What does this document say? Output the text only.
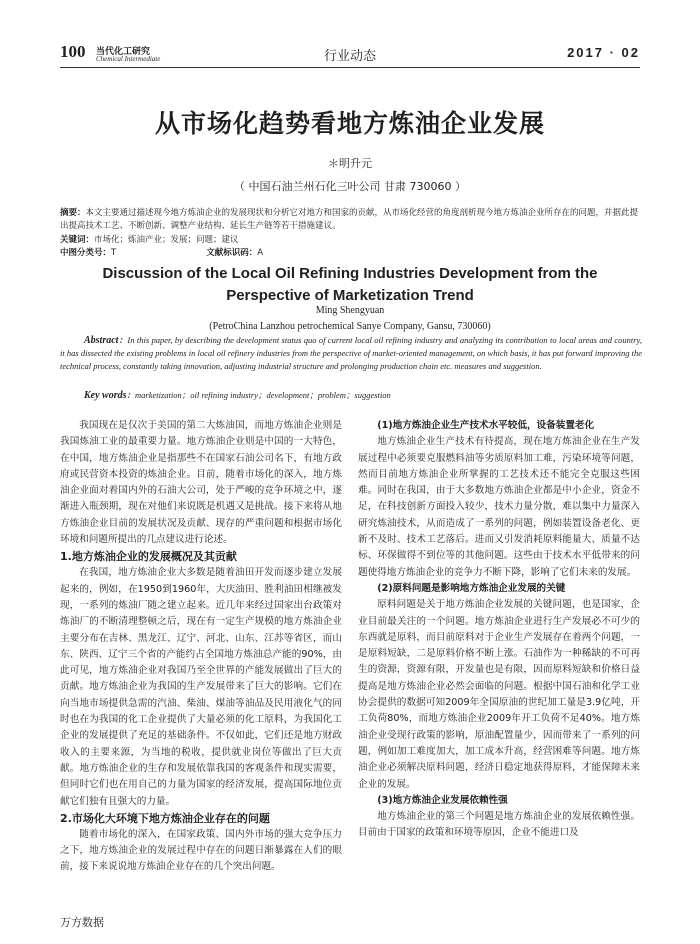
100 当代化工研究
Chemical Intermediate	行业动态	2017 · 02
从市场化趋势看地方炼油企业发展
＊明升元
（ 中国石油兰州石化三叶公司 甘肃 730060 ）
摘要：本文主要通过描述现今地方炼油企业的发展现状和分析它对地方和国家的贡献，从市场化经营的角度剖析现今地方炼油企业所存在的问题，并据此提出提高技术工艺、不断创新、调整产业结构、延长生产链等若干措施建议。
关键词：市场化；炼油产业；发展；问题；建议
中图分类号：T	文献标识码：A
Discussion of the Local Oil Refining Industries Development from the Perspective of Marketization Trend
Ming Shengyuan
(PetroChina Lanzhou petrochemical Sanye Company, Gansu, 730060)
Abstract：In this paper, by describing the development status quo of current local oil refining industry and analyzing its contribution to local areas and country, it has dissected the existing problems in local oil refinery industries from the perspective of market-oriented management, on which basis, it has put forward improving the technical process, constantly taking innovation, adjusting industrial structure and prolonging production chain etc. measures and suggestion.
Key words：marketization；oil refining industry；development；problem；suggestion

我国现在是仅次于美国的第二大炼油国，而地方炼油企业则是我国炼油工业的最重要力量。地方炼油企业则是中国的一大特色，在中国，地方炼油企业是指那些不在国家石油公司名下，有地方政府或民营资本投资的炼油企业。目前，随着市场化的深入，地方炼油企业面对着国内外的石油大公司，处于严峻的竞争环境之中，逐渐进入瓶颈期，现在对他们来说既是机遇又是挑战。接下来将从地方炼油企业目前的发展状况及贡献、现存的严重问题和根据市场化环境和问题所提出的几点建议进行论述。

1.地方炼油企业的发展概况及其贡献

在我国，地方炼油企业大多数是随着油田开发而逐步建立发展起来的，例如，在1950到1960年，大庆油田、胜利油田相继被发现，一系列的炼油厂随之建立起来。近几年来经过国家出台政策对炼油厂的不断清理整顿之后，现在有一定生产规模的地方炼油企业主要分布在吉林、黑龙江、辽宁、河北、山东、江苏等省区，而山东、陕西、辽宁三个省的产能约占全国地方炼油总产能的90%，由此可见，地方炼油企业对我国乃至全世界的产能发展做出了巨大的贡献。地方炼油企业为我国的生产发展带来了巨大的影响。它们在向当地市场提供急需的汽油、柴油、煤油等油品及民用液化气的同时也在为我国的化工企业提供了大量必须的化工原料，为我国化工企业的发展提供了充足的基础条件。不仅如此，它们还是地方财政收入的主要来源，为当地的税收，提供就业岗位等做出了巨大贡献。地方炼油企业的生存和发展依靠我国的客观条件和现实需要，但同时它们也在用自己的力量为国家的经济发展，提高国际地位贡献它们独有且强大的力量。

2.市场化大环境下地方炼油企业存在的问题

随着市场化的深入，在国家政策、国内外市场的强大竞争压力之下，地方炼油企业的发展过程中存在的问题日渐暴露在人们的眼前，接下来说说地方炼油企业存在的几个突出问题。

(1)地方炼油企业生产技术水平较低，设备装置老化

地方炼油企业生产技术有待提高，现在地方炼油企业在生产发展过程中必须要克服燃料油等劣质原料加工难，污染环境等问题，然而目前地方炼油企业所掌握的工艺技术还不能完全克服这些困难。同时在我国，由于大多数地方炼油企业都是中小企业，资金不足，在科技创新方面投入较少，技术力量分散，难以集中力量深入研究炼油技术，从而造成了一系列的问题，例如装置设备老化、更新不及时、技术工艺落后。进而又引发消耗原料能量大、质量不达标、环保做得不到位等的其他问题。这些由于技术水平低带来的问题使得地方炼油企业的竞争力不断下降，影响了它们未来的发展。

(2)原料问题是影响地方炼油企业发展的关键

原料问题是关于地方炼油企业发展的关键问题，也是国家，企业目前最关注的一个问题。地方炼油企业进行生产发展必不可少的东西就是原料，而目前原料对于企业生产发展存在着两个问题，一是原料短缺，二是原料价格不断上涨。石油作为一种稀缺的不可再生的资源，资源有限，开发量也是有限，因而原料短缺和价格日益提高是地方炼油企业必然会面临的问题。根据中国石油和化学工业协会提供的数据可知2009年全国原油的世纪加工量是3.9亿吨，开工负荷80%，而地方炼油企业2009年开工负荷不足40%。地方炼油企业受现行政策的影响，原油配置量少，因而带来了一系列的问题，例如加工难度加大，加工成本升高，经营困难等问题。地方炼油企业必须解决原料问题，经济日稳定地获得原料，才能保障未来企业的发展。

(3)地方炼油企业发展依赖性强

地方炼油企业的第三个问题是地方炼油企业的发展依赖性强。目前由于国家的政策和环境等原因，企业不能进口及

万方数据
